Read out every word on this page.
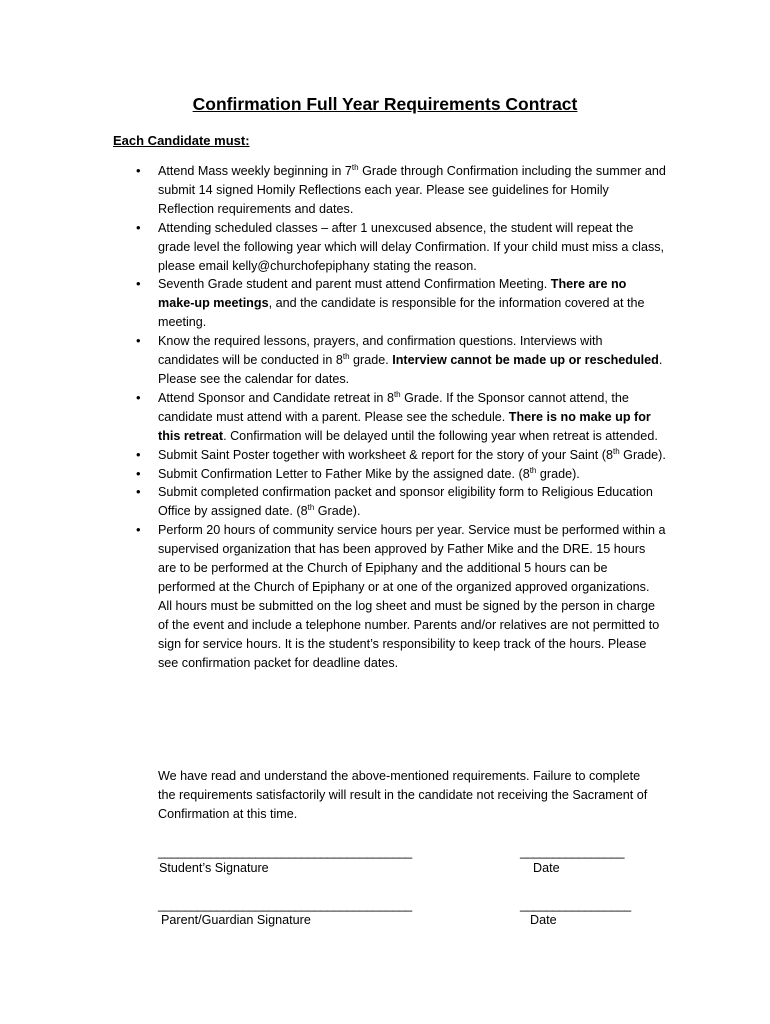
Confirmation Full Year Requirements Contract
Each Candidate must:
• Attend Mass weekly beginning in 7th Grade through Confirmation including the summer and submit 14 signed Homily Reflections each year. Please see guidelines for Homily Reflection requirements and dates.
• Attending scheduled classes – after 1 unexcused absence, the student will repeat the grade level the following year which will delay Confirmation. If your child must miss a class, please email kelly@churchofepiphany stating the reason.
• Seventh Grade student and parent must attend Confirmation Meeting. There are no make-up meetings, and the candidate is responsible for the information covered at the meeting.
• Know the required lessons, prayers, and confirmation questions. Interviews with candidates will be conducted in 8th grade. Interview cannot be made up or rescheduled. Please see the calendar for dates.
• Attend Sponsor and Candidate retreat in 8th Grade. If the Sponsor cannot attend, the candidate must attend with a parent. Please see the schedule. There is no make up for this retreat. Confirmation will be delayed until the following year when retreat is attended.
• Submit Saint Poster together with worksheet & report for the story of your Saint (8th Grade).
• Submit Confirmation Letter to Father Mike by the assigned date. (8th grade).
• Submit completed confirmation packet and sponsor eligibility form to Religious Education Office by assigned date. (8th Grade).
• Perform 20 hours of community service hours per year. Service must be performed within a supervised organization that has been approved by Father Mike and the DRE. 15 hours are to be performed at the Church of Epiphany and the additional 5 hours can be performed at the Church of Epiphany or at one of the organized approved organizations. All hours must be submitted on the log sheet and must be signed by the person in charge of the event and include a telephone number. Parents and/or relatives are not permitted to sign for service hours. It is the student’s responsibility to keep track of the hours. Please see confirmation packet for deadline dates.

We have read and understand the above-mentioned requirements. Failure to complete the requirements satisfactorily will result in the candidate not receiving the Sacrament of Confirmation at this time.

_______________________________________
Student’s Signature
________________
Date
_______________________________________
Parent/Guardian Signature
_________________
Date
